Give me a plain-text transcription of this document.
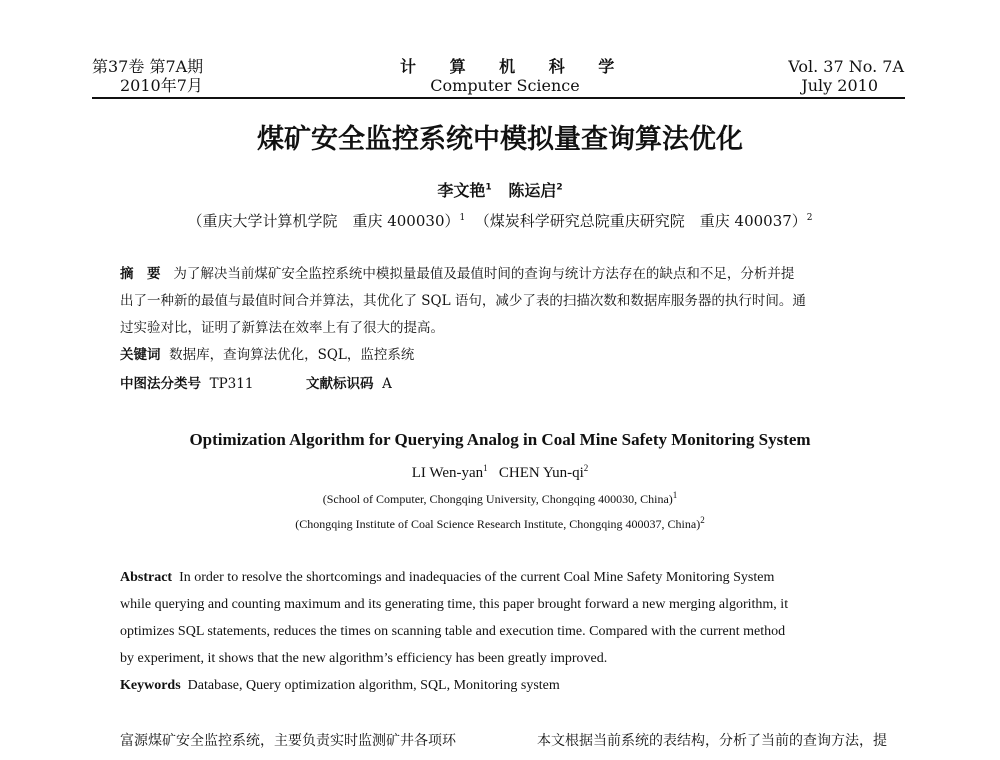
第37卷 第7A期
2010年7月
计 算 机 科 学
Computer Science
Vol. 37 No. 7A
July 2010
煤矿安全监控系统中模拟量查询算法优化
李文艳$^1$ 陈运启$^2$
（重庆大学计算机学院　重庆 400030）$^1$ （煤炭科学研究总院重庆研究院　重庆 400037）$^2$
摘　要 为了解决当前煤矿安全监控系统中模拟量最值及最值时间的查询与统计方法存在的缺点和不足，分析并提
出了一种新的最值与最值时间合并算法，其优化了 SQL 语句，减少了表的扫描次数和数据库服务器的执行时间。通
过实验对比，证明了新算法在效率上有了很大的提高。
关键词 数据库，查询算法优化，SQL，监控系统
中图法分类号 TP311	文献标识码 A
Optimization Algorithm for Querying Analog in Coal Mine Safety Monitoring System
LI Wen-yan$^1$ CHEN Yun-$qi^2$
(School of Computer, Chongqing University, Chongqing 400030, China)$^1$
(Chongqing Institute of Coal Science Research Institute, Chongqing 400037, China)$^2$
Abstract In order to resolve the shortcomings and inadequacies of the current Coal Mine Safety Monitoring System
while querying and counting maximum and its generating time, this paper brought forward a new merging algorithm, it
optimizes SQL statements, reduces the times on scanning table and execution time. Compared with the current method
by experiment, it shows that the new algorithm’s efficiency has been greatly improved.
Keywords Database, Query optimization algorithm, SQL, Monitoring system
富源煤矿安全监控系统，主要负责实时监测矿井各项环	本文根据当前系统的表结构，分析了当前的查询方法，提
